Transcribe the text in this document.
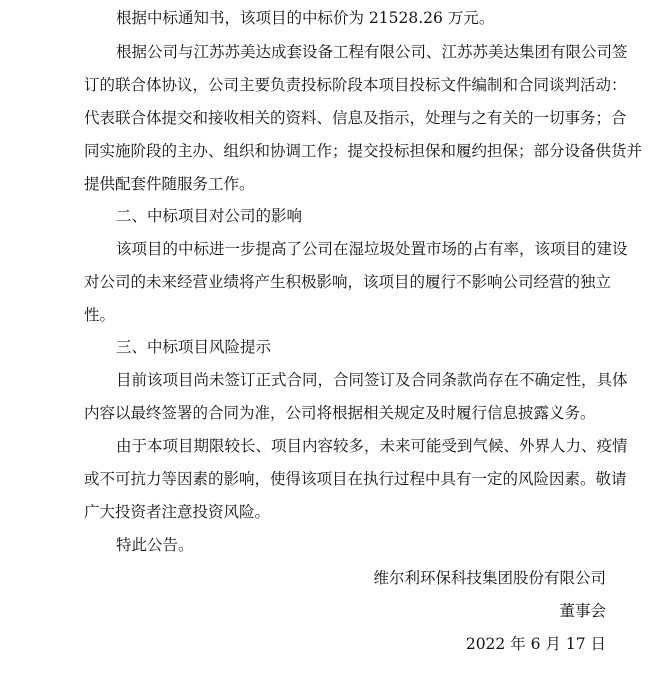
根据中标通知书，该项目的中标价为 21528.26 万元。
根据公司与江苏苏美达成套设备工程有限公司、江苏苏美达集团有限公司签
订的联合体协议，公司主要负责投标阶段本项目投标文件编制和合同谈判活动：
代表联合体提交和接收相关的资料、信息及指示，处理与之有关的一切事务；合
同实施阶段的主办、组织和协调工作；提交投标担保和履约担保；部分设备供货并
提供配套件随服务工作。
二、中标项目对公司的影响
该项目的中标进一步提高了公司在湿垃圾处置市场的占有率，该项目的建设
对公司的未来经营业绩将产生积极影响，该项目的履行不影响公司经营的独立
性。
三、中标项目风险提示
目前该项目尚未签订正式合同，合同签订及合同条款尚存在不确定性，具体
内容以最终签署的合同为准，公司将根据相关规定及时履行信息披露义务。
由于本项目期限较长、项目内容较多，未来可能受到气候、外界人力、疫情
或不可抗力等因素的影响，使得该项目在执行过程中具有一定的风险因素。敬请
广大投资者注意投资风险。
特此公告。
维尔利环保科技集团股份有限公司
董事会
2022 年 6 月 17 日
